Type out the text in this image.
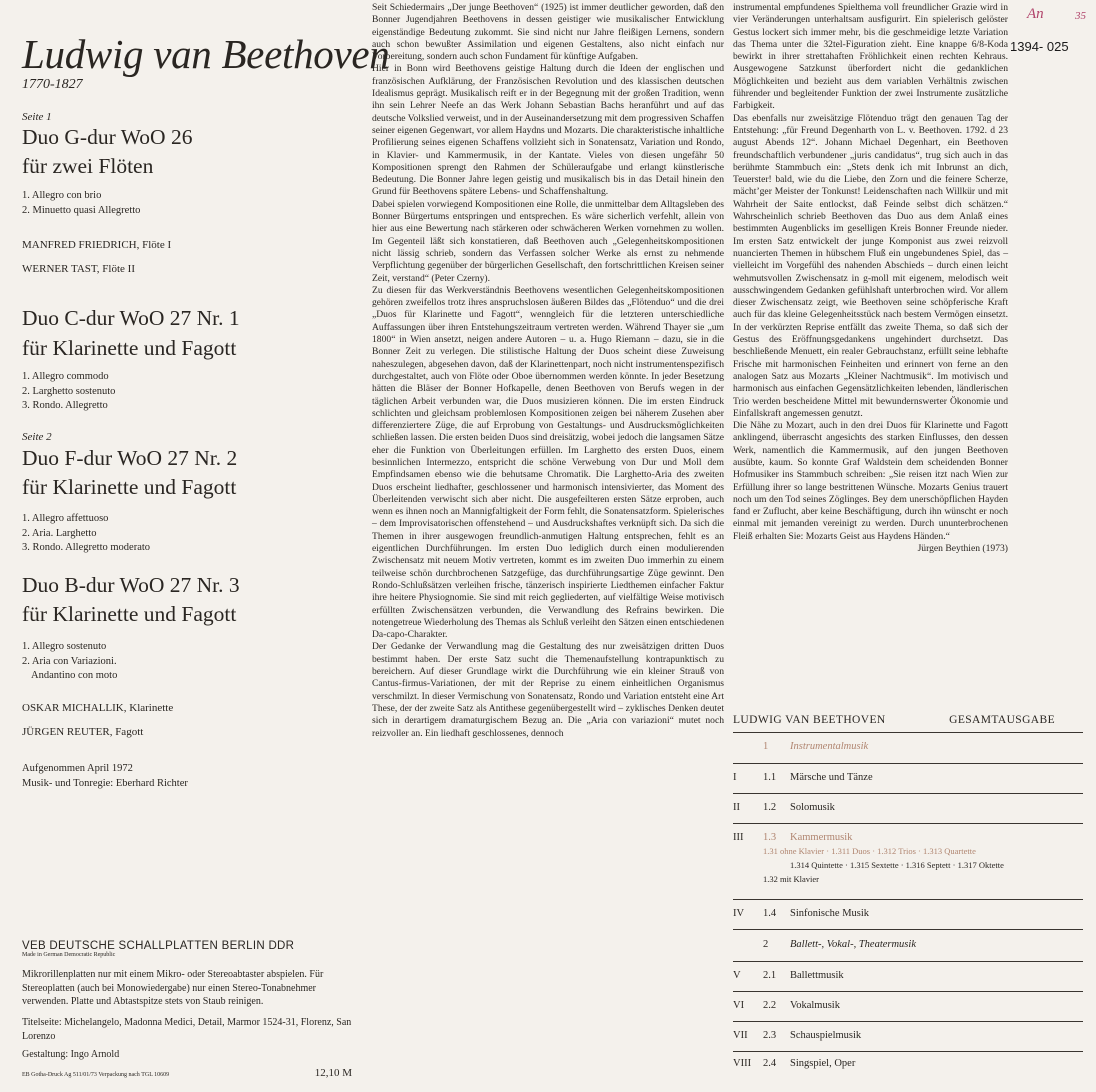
Ludwig van Beethoven
1770-1827
An	35
1394- 025

Seite 1

Duo G-dur WoO 26

für zwei Flöten

1. Allegro con brio

2. Minuetto quasi Allegretto

MANFRED FRIEDRICH, Flöte I

WERNER TAST, Flöte II

Duo C-dur WoO 27 Nr. 1

für Klarinette und Fagott

1. Allegro commodo

2. Larghetto sostenuto

3. Rondo. Allegretto

Seite 2

Duo F-dur WoO 27 Nr. 2

für Klarinette und Fagott

1. Allegro affettuoso

2. Aria. Larghetto

3. Rondo. Allegretto moderato

Duo B-dur WoO 27 Nr. 3

für Klarinette und Fagott

1. Allegro sostenuto

2. Aria con Variazioni.

Andantino con moto

OSKAR MICHALLIK, Klarinette

JÜRGEN REUTER, Fagott

Aufgenommen April 1972

Musik- und Tonregie: Eberhard Richter

VEB DEUTSCHE SCHALLPLATTEN BERLIN DDR

Made in German Democratic Republic

Mikrorillenplatten nur mit einem Mikro- oder Stereoabtaster abspielen. Für Stereoplatten (auch bei Monowiedergabe) nur einen Stereo-Tonabnehmer verwenden. Platte und Abtastspitze stets von Staub reinigen.

Titelseite: Michelangelo, Madonna Medici, Detail, Marmor 1524-31, Florenz, San Lorenzo

Gestaltung: Ingo Arnold

EB Gotha-Druck Ag 511/01/73 Verpackung nach TGL 10609	12,10 M

Seit Schiedermairs „Der junge Beethoven“ (1925) ist immer deutlicher geworden, daß den Bonner Jugendjahren Beethovens in dessen geistiger wie musikalischer Entwicklung eigenständige Bedeutung zukommt. Sie sind nicht nur Jahre fleißigen Lernens, sondern auch schon bewußter Assimilation und eigenen Gestaltens, also nicht einfach nur Vorbereitung, sondern auch schon Fundament für künftige Aufgaben.

Hier in Bonn wird Beethovens geistige Haltung durch die Ideen der englischen und französischen Aufklärung, der Französischen Revolution und des klassischen deutschen Idealismus geprägt. Musikalisch reift er in der Begegnung mit der großen Tradition, wenn ihn sein Lehrer Neefe an das Werk Johann Sebastian Bachs heranführt und auf das deutsche Volkslied verweist, und in der Auseinandersetzung mit dem progressiven Schaffen seiner eigenen Gegenwart, vor allem Haydns und Mozarts. Die charakteristische inhaltliche Profilierung seines eigenen Schaffens vollzieht sich in Sonatensatz, Variation und Rondo, in Klavier- und Kammermusik, in der Kantate. Vieles von diesen ungefähr 50 Kompositionen sprengt den Rahmen der Schüleraufgabe und erlangt künstlerische Bedeutung. Die Bonner Jahre legen geistig und musikalisch bis in das Detail hinein den Grund für Beethovens spätere Lebens- und Schaffenshaltung.

Dabei spielen vorwiegend Kompositionen eine Rolle, die unmittelbar dem Alltagsleben des Bonner Bürgertums entspringen und entsprechen. Es wäre sicherlich verfehlt, allein von hier aus eine Bewertung nach stärkeren oder schwächeren Werken vornehmen zu wollen. Im Gegenteil läßt sich konstatieren, daß Beethoven auch „Gelegenheitskompositionen nicht lässig schrieb, sondern das Verfassen solcher Werke als ernst zu nehmende Verpflichtung gegenüber der bürgerlichen Gesellschaft, den fortschrittlichen Kreisen seiner Zeit, verstand“ (Peter Czerny).

Zu diesen für das Werkverständnis Beethovens wesentlichen Gelegenheitskompositionen gehören zweifellos trotz ihres anspruchslosen äußeren Bildes das „Flötenduo“ und die drei „Duos für Klarinette und Fagott“, wenngleich für die letzteren unterschiedliche Auffassungen über ihren Entstehungszeitraum vertreten werden. Während Thayer sie „um 1800“ in Wien ansetzt, neigen andere Autoren – u. a. Hugo Riemann – dazu, sie in die Bonner Zeit zu verlegen. Die stilistische Haltung der Duos scheint diese Zuweisung naheszulegen, abgesehen davon, daß der Klarinettenpart, noch nicht instrumentenspezifisch durchgestaltet, auch von Flöte oder Oboe übernommen werden könnte. In jeder Besetzung hätten die Bläser der Bonner Hofkapelle, denen Beethoven von Berufs wegen in der täglichen Arbeit verbunden war, die Duos musizieren können. Die im ersten Eindruck schlichten und gleichsam problemlosen Kompositionen zeigen bei näherem Zusehen aber differenziertere Züge, die auf Erprobung von Gestaltungs- und Ausdrucksmöglichkeiten schließen lassen. Die ersten beiden Duos sind dreisätzig, wobei jedoch die langsamen Sätze eher die Funktion von Überleitungen erfüllen. Im Larghetto des ersten Duos, einem besinnlichen Intermezzo, entspricht die schöne Verwebung von Dur und Moll dem Empfindsamen ebenso wie die behutsame Chromatik. Die Larghetto-Aria des zweiten Duos erscheint liedhafter, geschlossener und harmonisch intensivierter, das Moment des Überleitenden verwischt sich aber nicht. Die ausgefeilteren ersten Sätze erproben, auch wenn es ihnen noch an Mannigfaltigkeit der Form fehlt, die Sonatensatzform. Spielerisches – dem Improvisatorischen offenstehend – und Ausdruckshaftes verknüpft sich. Da sich die Themen in ihrer ausgewogen freundlich-anmutigen Haltung entsprechen, fehlt es an eigentlichen Durchführungen. Im ersten Duo lediglich durch einen modulierenden Zwischensatz mit neuem Motiv vertreten, kommt es im zweiten Duo immerhin zu einem teilweise schön durchbrochenen Satzgefüge, das durchführungsartige Züge gewinnt. Den Rondo-Schlußsätzen verleihen frische, tänzerisch inspirierte Liedthemen einfacher Faktur ihre heitere Physiognomie. Sie sind mit reich gegliederten, auf vielfältige Weise motivisch erfüllten Zwischensätzen verbunden, die Verwandlung des Refrains bewirken. Die notengetreue Wiederholung des Themas als Schluß verleiht den Sätzen einen entschiedenen Da-capo-Charakter.

Der Gedanke der Verwandlung mag die Gestaltung des nur zweisätzigen dritten Duos bestimmt haben. Der erste Satz sucht die Themenaufstellung kontrapunktisch zu bereichern. Auf dieser Grundlage wirkt die Durchführung wie ein kleiner Strauß von Cantus-firmus-Variationen, der mit der Reprise zu einem einheitlichen Organismus verschmilzt. In dieser Vermischung von Sonatensatz, Rondo und Variation entsteht eine Art These, der der zweite Satz als Antithese gegenübergestellt wird – zyklisches Denken deutet sich in derartigem dramaturgischem Bezug an. Die „Aria con variazioni“ mutet noch reizvoller an. Ein liedhaft geschlossenes, dennoch

instrumental empfundenes Spielthema voll freundlicher Grazie wird in vier Veränderungen unterhaltsam ausfigurirt. Ein spielerisch gelöster Gestus lockert sich immer mehr, bis die geschmeidige letzte Variation das Thema unter die 32tel-Figuration zieht. Eine knappe 6/8-Koda bewirkt in ihrer strettahaften Fröhlichkeit einen rechten Kehraus. Ausgewogene Satzkunst überfordert nicht die gedanklichen Möglichkeiten und bezieht aus dem variablen Verhältnis zwischen führender und begleitender Funktion der zwei Instrumente zusätzliche Farbigkeit.

Das ebenfalls nur zweisätzige Flötenduo trägt den genauen Tag der Entstehung: „für Freund Degenharth von L. v. Beethoven. 1792. d 23 august Abends 12“. Johann Michael Degenhart, ein Beethoven freundschaftlich verbundener „juris candidatus“, trug sich auch in das berühmte Stammbuch ein: „Stets denk ich mit Inbrunst an dich, Teuerster! bald, wie du die Liebe, den Zorn und die feinere Scherze, mächt’ger Meister der Tonkunst! Leidenschaften nach Willkür und mit Wahrheit der Saite entlockst, daß Feinde selbst dich schätzen.“ Wahrscheinlich schrieb Beethoven das Duo aus dem Anlaß eines bestimmten Augenblicks im geselligen Kreis Bonner Freunde nieder. Im ersten Satz entwickelt der junge Komponist aus zwei reizvoll nuancierten Themen in hübschem Fluß ein ungebundenes Spiel, das – vielleicht im Vorgefühl des nahenden Abschieds – durch einen leicht wehmutsvollen Zwischensatz in g-moll mit eigenem, melodisch weit ausschwingendem Gedanken gefühlshaft unterbrochen wird. Vor allem dieser Zwischensatz zeigt, wie Beethoven seine schöpferische Kraft auch für das kleine Gelegenheitsstück nach bestem Vermögen einsetzt. In der verkürzten Reprise entfällt das zweite Thema, so daß sich der Gestus des Eröffnungsgedankens ungehindert durchsetzt. Das beschließende Menuett, ein realer Gebrauchstanz, erfüllt seine lebhafte Frische mit harmonischen Feinheiten und erinnert von ferne an den analogen Satz aus Mozarts „Kleiner Nachtmusik“. Im motivisch und harmonisch aus einfachen Gegensätzlichkeiten lebenden, ländlerischen Trio werden bescheidene Mittel mit bewundernswerter Ökonomie und Einfallskraft angemessen genutzt.

Die Nähe zu Mozart, auch in den drei Duos für Klarinette und Fagott anklingend, überrascht angesichts des starken Einflusses, den dessen Werk, namentlich die Kammermusik, auf den jungen Beethoven ausübte, kaum. So konnte Graf Waldstein dem scheidenden Bonner Hofmusiker ins Stammbuch schreiben: „Sie reisen itzt nach Wien zur Erfüllung ihrer so lange bestrittenen Wünsche. Mozarts Genius trauert noch um den Tod seines Zöglinges. Bey dem unerschöpflichen Hayden fand er Zuflucht, aber keine Beschäftigung, durch ihn wünscht er noch einmal mit jemanden vereinigt zu werden. Durch ununterbrochenen Fleiß erhalten Sie: Mozarts Geist aus Haydens Händen.“

Jürgen Beythien (1973)

LUDWIG VAN BEETHOVEN	GESAMTAUSGABE
1 Instrumentalmusik
I	1.1 Märsche und Tänze
II 1.2 Solomusik
III 1.3 Kammermusik
1.31 ohne Klavier · 1.311 Duos · 1.312 Trios · 1.313 Quartette
1.314 Quintette · 1.315 Sextette · 1.316 Septett · 1.317 Oktette
1.32 mit Klavier
IV 1.4 Sinfonische Musik
2 Ballett-, Vokal-, Theatermusik
V 2.1 Ballettmusik
VI 2.2 Vokalmusik
VII 2.3 Schauspielmusik
VIII 2.4 Singspiel, Oper
